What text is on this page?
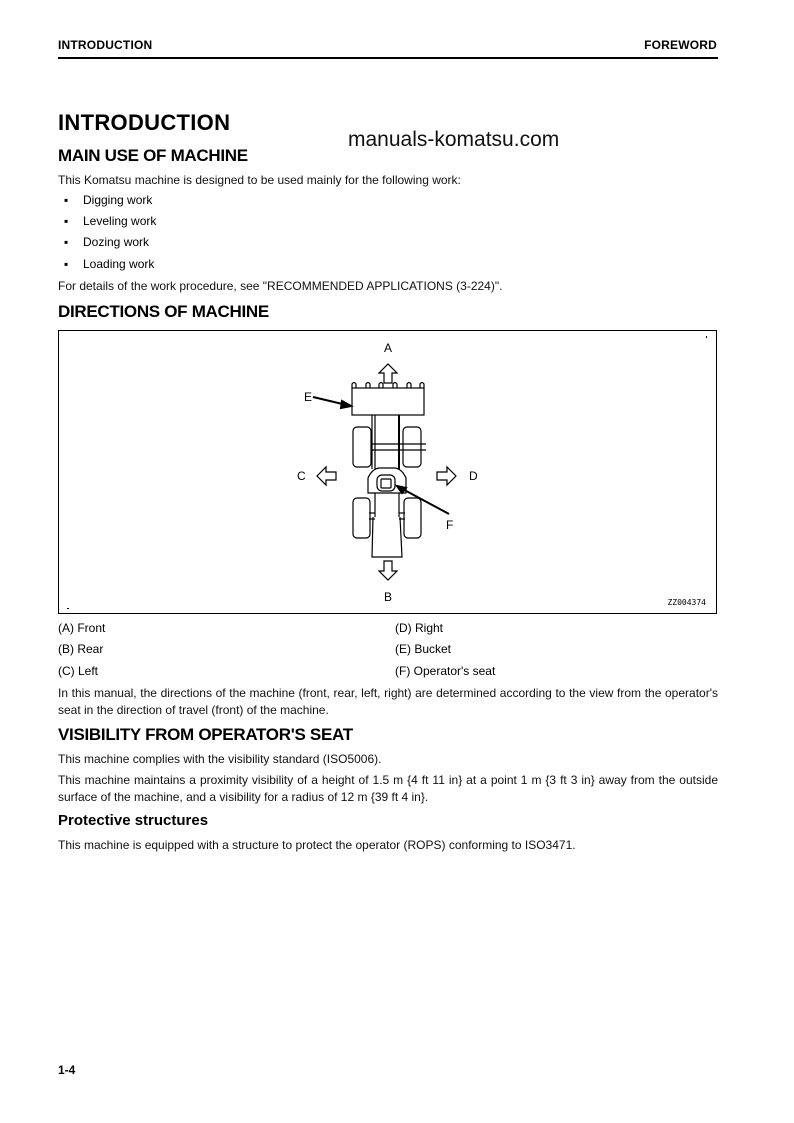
INTRODUCTION	FOREWORD
INTRODUCTION
manuals-komatsu.com
MAIN USE OF MACHINE
This Komatsu machine is designed to be used mainly for the following work:
▪ Digging work
▪ Leveling work
▪ Dozing work
▪ Loading work
For details of the work procedure, see "RECOMMENDED APPLICATIONS (3-224)".
DIRECTIONS OF MACHINE
A
B
C	D
E
F
ZZ004374
(A) Front
(B) Rear
(C) Left
(D) Right
(E) Bucket
(F) Operator's seat
In this manual, the directions of the machine (front, rear, left, right) are determined according to the view from the operator's seat in the direction of travel (front) of the machine.
VISIBILITY FROM OPERATOR'S SEAT
This machine complies with the visibility standard (ISO5006).
This machine maintains a proximity visibility of a height of 1.5 m {4 ft 11 in} at a point 1 m {3 ft 3 in} away from the outside surface of the machine, and a visibility for a radius of 12 m {39 ft 4 in}.
Protective structures
This machine is equipped with a structure to protect the operator (ROPS) conforming to ISO3471.
1-4
